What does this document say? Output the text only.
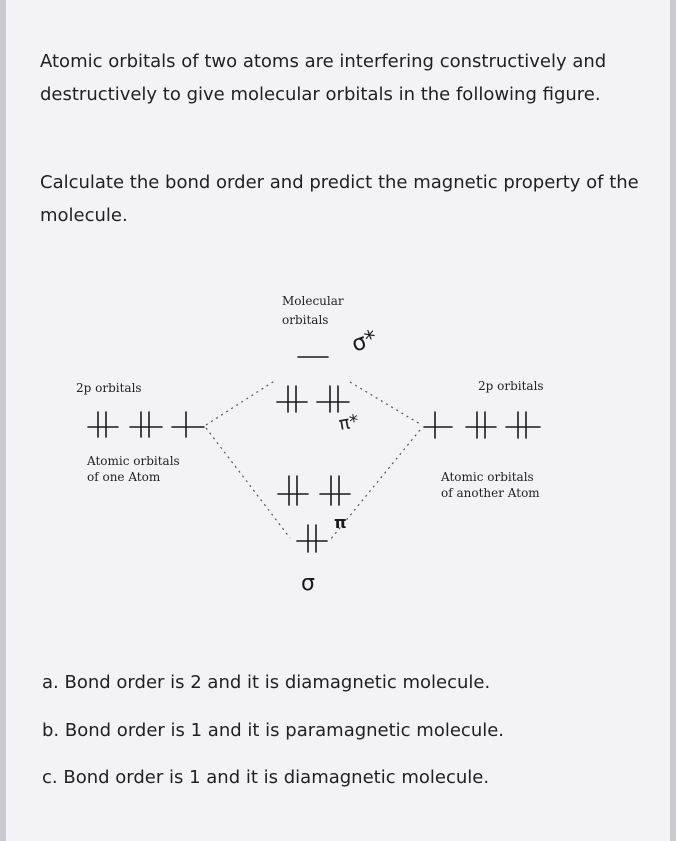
Atomic orbitals of two atoms are interfering constructively and destructively to give molecular orbitals in the following figure.
Calculate the bond order and predict the magnetic property of the molecule.
Molecular
orbitals
2p orbitals	2p orbitals
Atomic orbitals
of one Atom	Atomic orbitals
of another Atom
σ*
π*
π
σ
a. Bond order is 2 and it is diamagnetic molecule.
b. Bond order is 1 and it is paramagnetic molecule.
c. Bond order is 1 and it is diamagnetic molecule.
